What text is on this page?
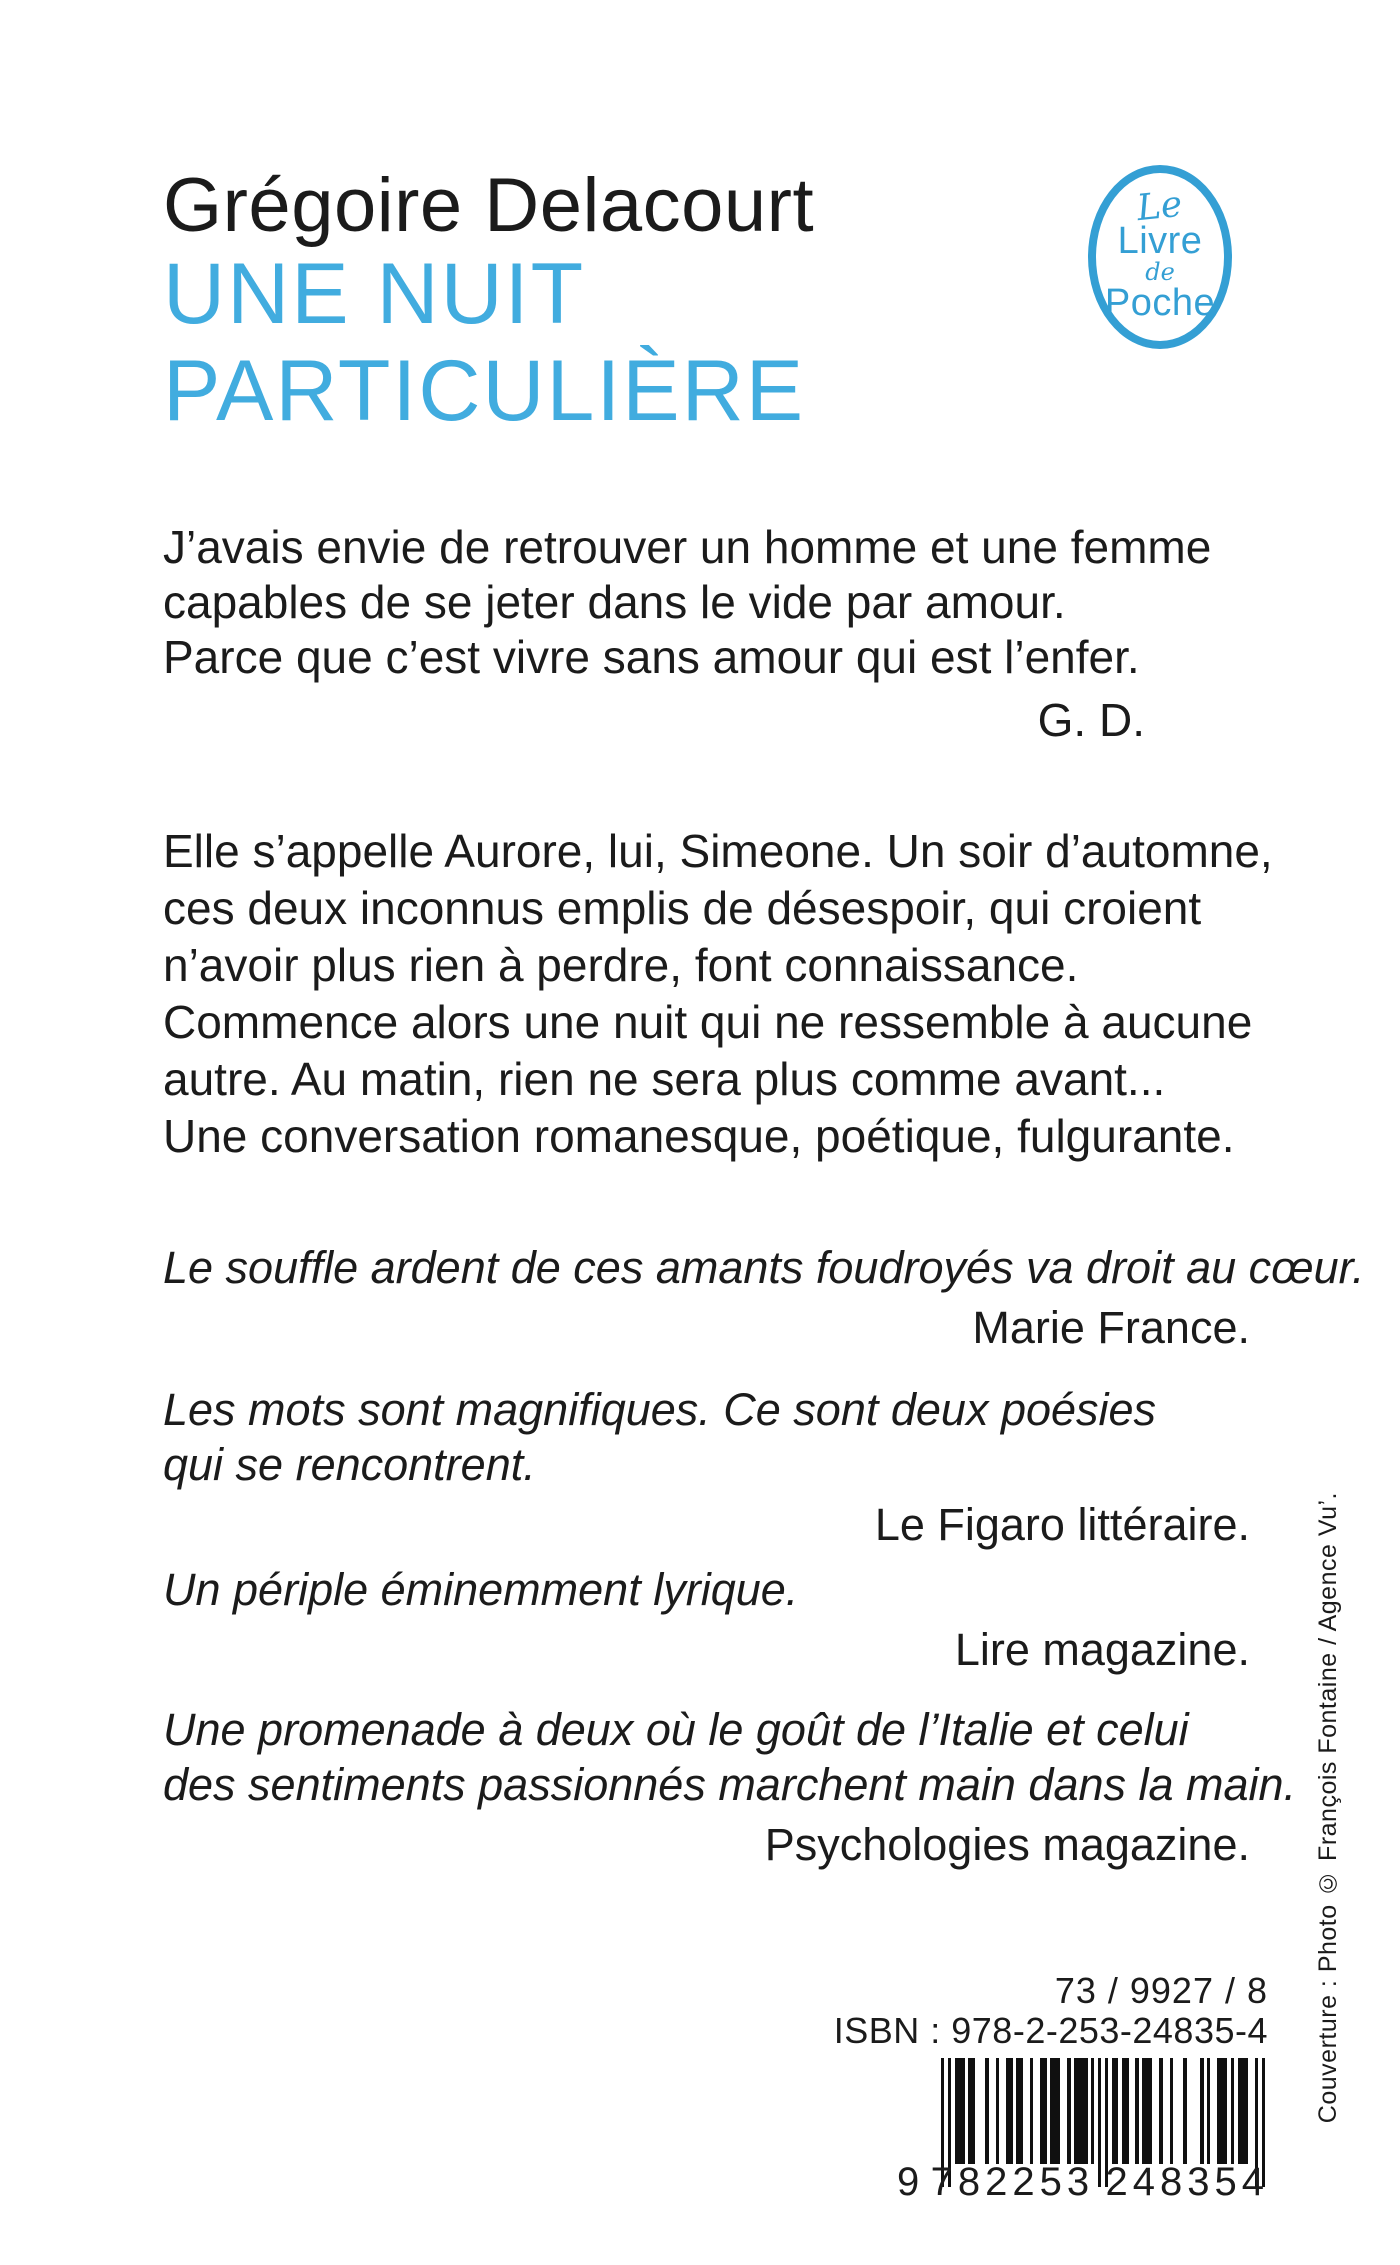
Grégoire Delacourt
UNE NUIT
PARTICULIÈRE
Le
Livre
de
Poche
J’avais envie de retrouver un homme et une femme
capables de se jeter dans le vide par amour.
Parce que c’est vivre sans amour qui est l’enfer.
G. D.
Elle s’appelle Aurore, lui, Simeone. Un soir d’automne,
ces deux inconnus emplis de désespoir, qui croient
n’avoir plus rien à perdre, font connaissance.
Commence alors une nuit qui ne ressemble à aucune
autre. Au matin, rien ne sera plus comme avant...
Une conversation romanesque, poétique, fulgurante.
Le souffle ardent de ces amants foudroyés va droit au cœur.
Marie France.
Les mots sont magnifiques. Ce sont deux poésies
qui se rencontrent.
Le Figaro littéraire.
Un périple éminemment lyrique.
Lire magazine.
Une promenade à deux où le goût de l’Italie et celui
des sentiments passionnés marchent main dans la main.
Psychologies magazine.
73 / 9927 / 8
ISBN : 978-2-253-24835-4
9 782253 248354
Couverture : Photo © François Fontaine / Agence Vu’.
